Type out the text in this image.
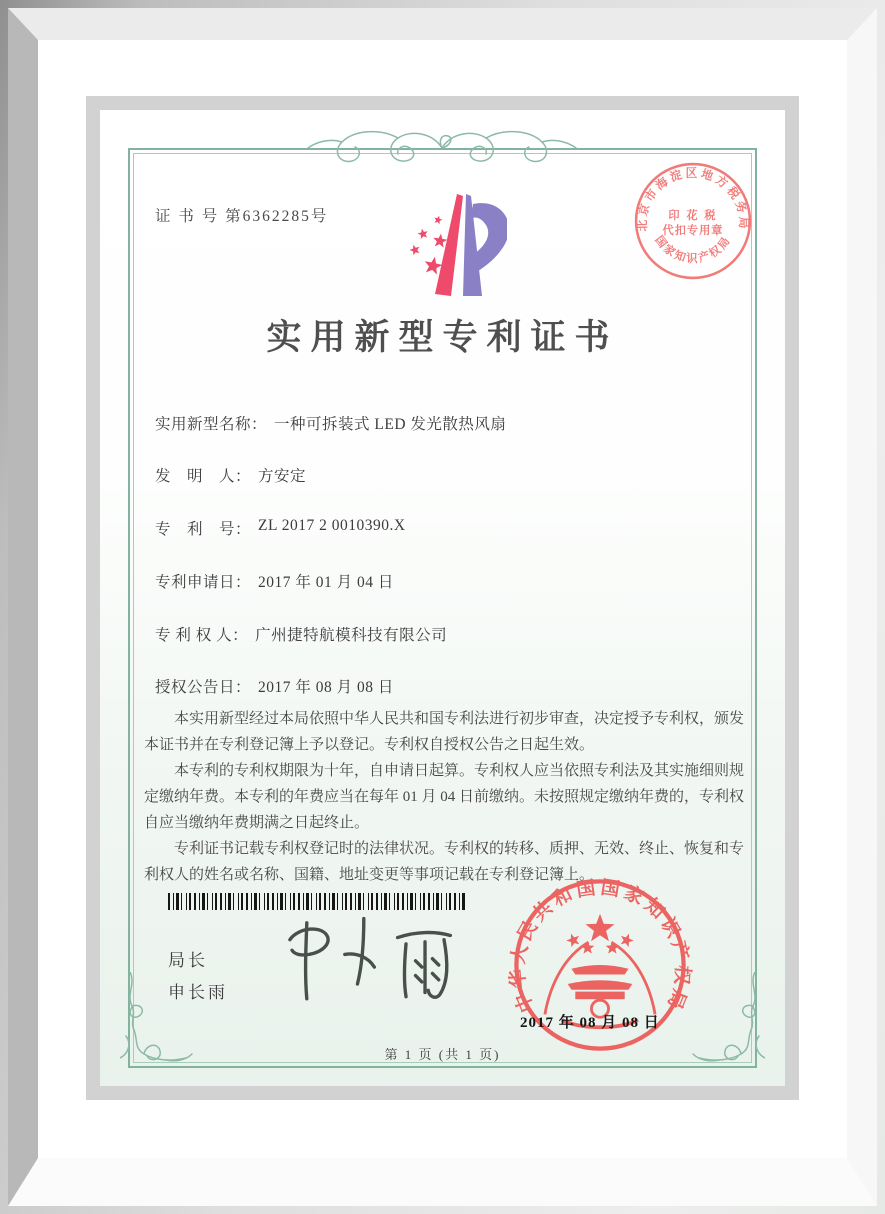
证 书 号 第6362285号	北京市海淀区地方税务局
国家知识产权局
印 花 税
代扣专用章
实用新型专利证书
实用新型名称： 一种可拆装式 LED 发光散热风扇
发　明　人： 方安定
专　利　号： ZL 2017 2 0010390.X
专利申请日： 2017 年 01 月 04 日
专 利 权 人： 广州捷特航模科技有限公司
授权公告日： 2017 年 08 月 08 日

本实用新型经过本局依照中华人民共和国专利法进行初步审查，决定授予专利权，颁发本证书并在专利登记簿上予以登记。专利权自授权公告之日起生效。

本专利的专利权期限为十年，自申请日起算。专利权人应当依照专利法及其实施细则规定缴纳年费。本专利的年费应当在每年 01 月 04 日前缴纳。未按照规定缴纳年费的，专利权自应当缴纳年费期满之日起终止。

专利证书记载专利权登记时的法律状况。专利权的转移、质押、无效、终止、恢复和专利权人的姓名或名称、国籍、地址变更等事项记载在专利登记簿上。

局长
申长雨	中华人民共和国国家知识产权局
2017 年 08 月 08 日
第 1 页 (共 1 页)
